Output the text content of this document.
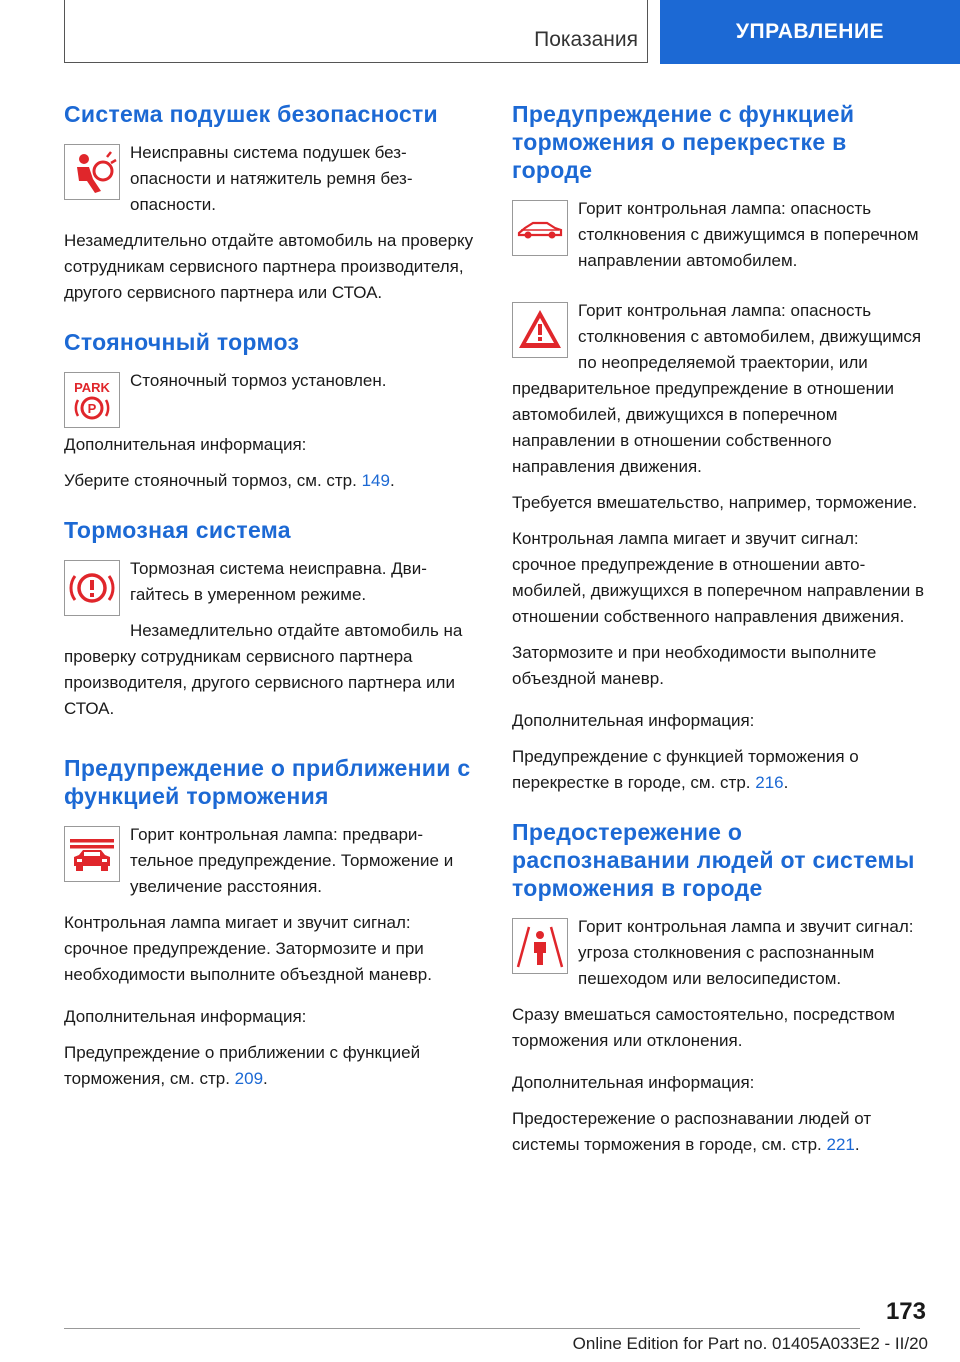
Показания	УПРАВЛЕНИЕ
Система подушек безопасности

Неисправны система подушек безопасности и натяжитель ремня безопасности.

Незамедлительно отдайте автомобиль на проверку сотрудникам сервисного партнера производителя, другого сервисного партнера или СТОА.

Стояночный тормоз
PARK
P

Стояночный тормоз установлен.

Дополнительная информация:

Уберите стояночный тормоз, см. стр. 149.

Тормозная система

Тормозная система неисправна. Двигайтесь в умеренном режиме.

Незамедлительно отдайте автомобиль на проверку сотрудникам сервисного партнера производителя, другого сервисного партнера или СТОА.

Предупреждение о приближении с функцией торможения

Горит контрольная лампа: предварительное предупреждение. Торможение и увеличение расстояния.

Контрольная лампа мигает и звучит сигнал: срочное предупреждение. Затормозите и при необходимости выполните объездной маневр.

Дополнительная информация:

Предупреждение о приближении с функцией торможения, см. стр. 209.

Предупреждение с функцией торможения о перекрестке в городе

Горит контрольная лампа: опасность столкновения с движущимся в поперечном направлении автомобилем.

Горит контрольная лампа: опасность столкновения с автомобилем, движущимся по неопределяемой траектории, или предварительное предупреждение в отношении автомобилей, движущихся в поперечном направлении в отношении собственного направления движения.

Требуется вмешательство, например, торможение.

Контрольная лампа мигает и звучит сигнал: срочное предупреждение в отношении автомобилей, движущихся в поперечном направлении в отношении собственного направления движения.

Затормозите и при необходимости выполните объездной маневр.

Дополнительная информация:

Предупреждение с функцией торможения о перекрестке в городе, см. стр. 216.

Предостережение о распознавании людей от системы торможения в городе

Горит контрольная лампа и звучит сигнал: угроза столкновения с распознанным пешеходом или велосипедистом.

Сразу вмешаться самостоятельно, посредством торможения или отклонения.

Дополнительная информация:

Предостережение о распознавании людей от системы торможения в городе, см. стр. 221.

173
Online Edition for Part no. 01405A033E2 - II/20
